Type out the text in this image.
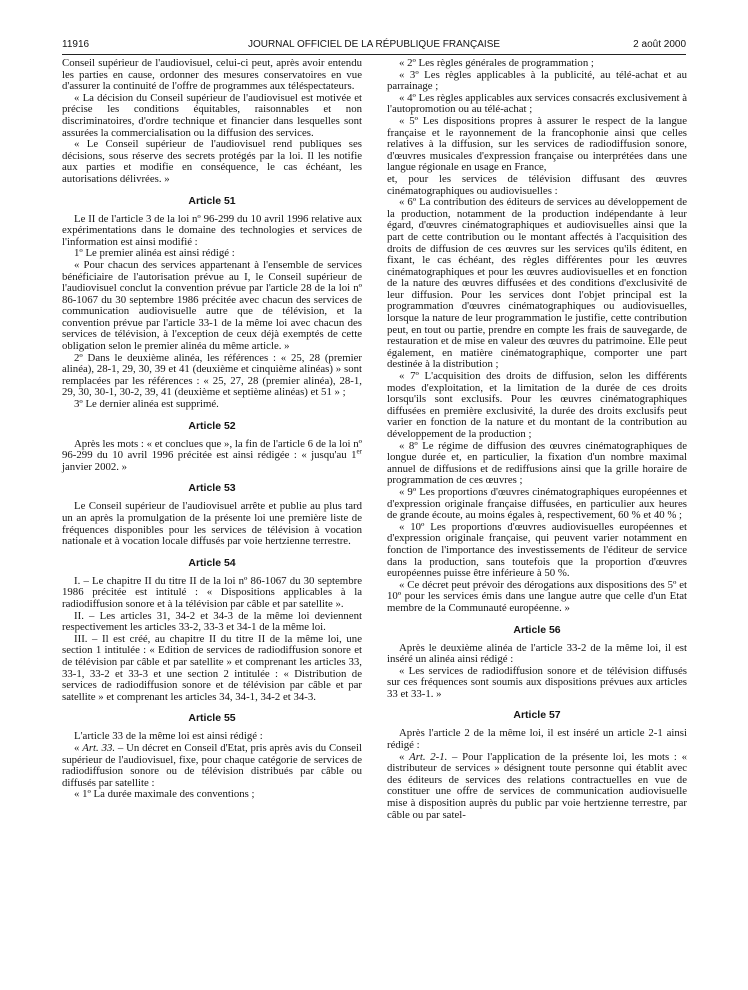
11916	JOURNAL OFFICIEL DE LA RÉPUBLIQUE FRANÇAISE	2 août 2000

Conseil supérieur de l'audiovisuel, celui-ci peut, après avoir entendu les parties en cause, ordonner des mesures conservatoires en vue d'assurer la continuité de l'offre de programmes aux téléspectateurs.

« La décision du Conseil supérieur de l'audiovisuel est motivée et précise les conditions équitables, raisonnables et non discriminatoires, d'ordre technique et financier dans lesquelles sont assurées la commercialisation ou la diffusion des services.

« Le Conseil supérieur de l'audiovisuel rend publiques ses décisions, sous réserve des secrets protégés par la loi. Il les notifie aux parties et modifie en conséquence, le cas échéant, les autorisations délivrées. »

Article 51

Le II de l'article 3 de la loi nº 96-299 du 10 avril 1996 relative aux expérimentations dans le domaine des technologies et services de l'information est ainsi modifié :

1º Le premier alinéa est ainsi rédigé :

« Pour chacun des services appartenant à l'ensemble de services bénéficiaire de l'autorisation prévue au I, le Conseil supérieur de l'audiovisuel conclut la convention prévue par l'article 28 de la loi nº 86-1067 du 30 septembre 1986 précitée avec chacun des services de communication audiovisuelle autre que de télévision, et la convention prévue par l'article 33-1 de la même loi avec chacun des services de télévision, à l'exception de ceux déjà exemptés de cette obligation selon le premier alinéa du même article. »

2º Dans le deuxième alinéa, les références : « 25, 28 (premier alinéa), 28-1, 29, 30, 39 et 41 (deuxième et cinquième alinéas) » sont remplacées par les références : « 25, 27, 28 (premier alinéa), 28-1, 29, 30, 30-1, 30-2, 39, 41 (deuxième et septième alinéas) et 51 » ;

3º Le dernier alinéa est supprimé.

Article 52

Après les mots : « et conclues que », la fin de l'article 6 de la loi nº 96-299 du 10 avril 1996 précitée est ainsi rédigée : « jusqu'au 1er janvier 2002. »

Article 53

Le Conseil supérieur de l'audiovisuel arrête et publie au plus tard un an après la promulgation de la présente loi une première liste de fréquences disponibles pour les services de télévision à vocation nationale et à vocation locale diffusés par voie hertzienne terrestre.

Article 54

I. – Le chapitre II du titre II de la loi nº 86-1067 du 30 septembre 1986 précitée est intitulé : « Dispositions applicables à la radiodiffusion sonore et à la télévision par câble et par satellite ».

II. – Les articles 31, 34-2 et 34-3 de la même loi deviennent respectivement les articles 33-2, 33-3 et 34-1 de la même loi.

III. – Il est créé, au chapitre II du titre II de la même loi, une section 1 intitulée : « Edition de services de radiodiffusion sonore et de télévision par câble et par satellite » et comprenant les articles 33, 33-1, 33-2 et 33-3 et une section 2 intitulée : « Distribution de services de radiodiffusion sonore et de télévision par câble et par satellite » et comprenant les articles 34, 34-1, 34-2 et 34-3.

Article 55

L'article 33 de la même loi est ainsi rédigé :

« Art. 33. – Un décret en Conseil d'Etat, pris après avis du Conseil supérieur de l'audiovisuel, fixe, pour chaque catégorie de services de radiodiffusion sonore ou de télévision distribués par câble ou diffusés par satellite :

« 1º La durée maximale des conventions ;

« 2º Les règles générales de programmation ;

« 3º Les règles applicables à la publicité, au télé-achat et au parrainage ;

« 4º Les règles applicables aux services consacrés exclusivement à l'autopromotion ou au télé-achat ;

« 5º Les dispositions propres à assurer le respect de la langue française et le rayonnement de la francophonie ainsi que celles relatives à la diffusion, sur les services de radiodiffusion sonore, d'œuvres musicales d'expression française ou interprétées dans une langue régionale en usage en France,

et, pour les services de télévision diffusant des œuvres cinématographiques ou audiovisuelles :

« 6º La contribution des éditeurs de services au développement de la production, notamment de la production indépendante à leur égard, d'œuvres cinématographiques et audiovisuelles ainsi que la part de cette contribution ou le montant affectés à l'acquisition des droits de diffusion de ces œuvres sur les services qu'ils éditent, en fixant, le cas échéant, des règles différentes pour les œuvres cinématographiques et pour les œuvres audiovisuelles et en fonction de la nature des œuvres diffusées et des conditions d'exclusivité de leur diffusion. Pour les services dont l'objet principal est la programmation d'œuvres cinématographiques ou audiovisuelles, lorsque la nature de leur programmation le justifie, cette contribution peut, en tout ou partie, prendre en compte les frais de sauvegarde, de restauration et de mise en valeur des œuvres du patrimoine. Elle peut également, en matière cinématographique, comporter une part destinée à la distribution ;

« 7º L'acquisition des droits de diffusion, selon les différents modes d'exploitation, et la limitation de la durée de ces droits lorsqu'ils sont exclusifs. Pour les œuvres cinématographiques diffusées en première exclusivité, la durée des droits exclusifs peut varier en fonction de la nature et du montant de la contribution au développement de la production ;

« 8º Le régime de diffusion des œuvres cinématographiques de longue durée et, en particulier, la fixation d'un nombre maximal annuel de diffusions et de rediffusions ainsi que la grille horaire de programmation de ces œuvres ;

« 9º Les proportions d'œuvres cinématographiques européennes et d'expression originale française diffusées, en particulier aux heures de grande écoute, au moins égales à, respectivement, 60 % et 40 % ;

« 10º Les proportions d'œuvres audiovisuelles européennes et d'expression originale française, qui peuvent varier notamment en fonction de l'importance des investissements de l'éditeur de service dans la production, sans toutefois que la proportion d'œuvres européennes puisse être inférieure à 50 %.

« Ce décret peut prévoir des dérogations aux dispositions des 5º et 10º pour les services émis dans une langue autre que celle d'un Etat membre de la Communauté européenne. »

Article 56

Après le deuxième alinéa de l'article 33-2 de la même loi, il est inséré un alinéa ainsi rédigé :

« Les services de radiodiffusion sonore et de télévision diffusés sur ces fréquences sont soumis aux dispositions prévues aux articles 33 et 33-1. »

Article 57

Après l'article 2 de la même loi, il est inséré un article 2-1 ainsi rédigé :

« Art. 2-1. – Pour l'application de la présente loi, les mots : « distributeur de services » désignent toute personne qui établit avec des éditeurs de services des relations contractuelles en vue de constituer une offre de services de communication audiovisuelle mise à disposition auprès du public par voie hertzienne terrestre, par câble ou par satel-
